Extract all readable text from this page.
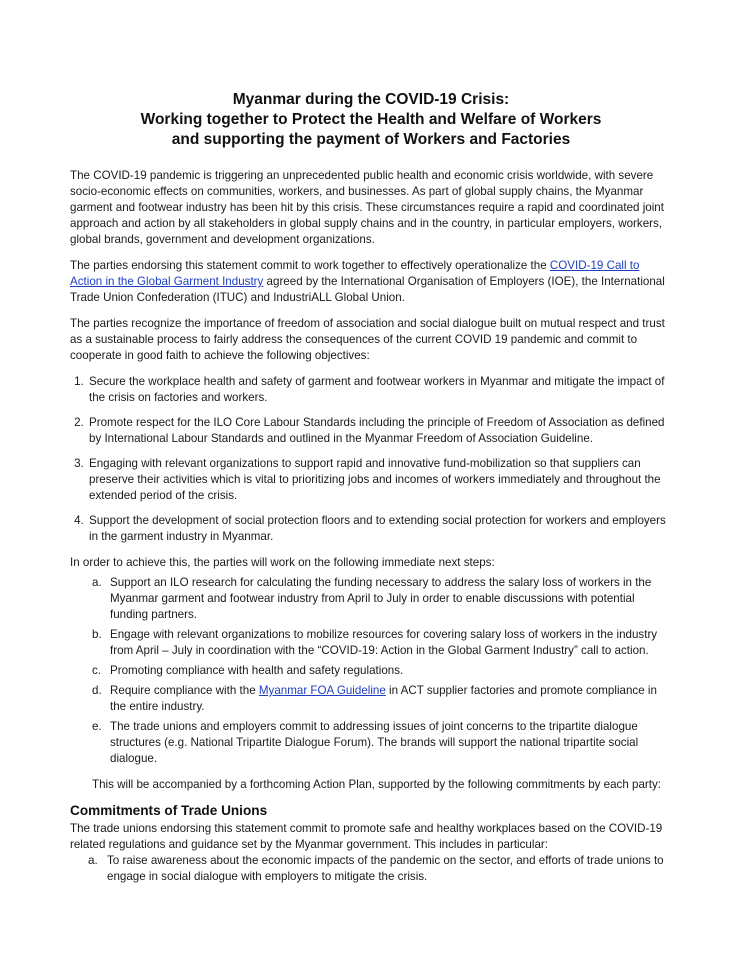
Myanmar during the COVID-19 Crisis:
Working together to Protect the Health and Welfare of Workers
and supporting the payment of Workers and Factories

The COVID-19 pandemic is triggering an unprecedented public health and economic crisis worldwide, with severe socio-economic effects on communities, workers, and businesses. As part of global supply chains, the Myanmar garment and footwear industry has been hit by this crisis. These circumstances require a rapid and coordinated joint approach and action by all stakeholders in global supply chains and in the country, in particular employers, workers, global brands, government and development organizations.

The parties endorsing this statement commit to work together to effectively operationalize the COVID-19 Call to Action in the Global Garment Industry agreed by the International Organisation of Employers (IOE), the International Trade Union Confederation (ITUC) and IndustriALL Global Union.

The parties recognize the importance of freedom of association and social dialogue built on mutual respect and trust as a sustainable process to fairly address the consequences of the current COVID 19 pandemic and commit to cooperate in good faith to achieve the following objectives:

1. Secure the workplace health and safety of garment and footwear workers in Myanmar and mitigate the impact of the crisis on factories and workers.
2. Promote respect for the ILO Core Labour Standards including the principle of Freedom of Association as defined by International Labour Standards and outlined in the Myanmar Freedom of Association Guideline.
3. Engaging with relevant organizations to support rapid and innovative fund-mobilization so that suppliers can preserve their activities which is vital to prioritizing jobs and incomes of workers immediately and throughout the extended period of the crisis.
4. Support the development of social protection floors and to extending social protection for workers and employers in the garment industry in Myanmar.

In order to achieve this, the parties will work on the following immediate next steps:

a. Support an ILO research for calculating the funding necessary to address the salary loss of workers in the Myanmar garment and footwear industry from April to July in order to enable discussions with potential funding partners.
b. Engage with relevant organizations to mobilize resources for covering salary loss of workers in the industry from April – July in coordination with the “COVID-19: Action in the Global Garment Industry” call to action.
c. Promoting compliance with health and safety regulations.
d. Require compliance with the Myanmar FOA Guideline in ACT supplier factories and promote compliance in the entire industry.
e. The trade unions and employers commit to addressing issues of joint concerns to the tripartite dialogue structures (e.g. National Tripartite Dialogue Forum). The brands will support the national tripartite social dialogue.

This will be accompanied by a forthcoming Action Plan, supported by the following commitments by each party:

Commitments of Trade Unions

The trade unions endorsing this statement commit to promote safe and healthy workplaces based on the COVID-19 related regulations and guidance set by the Myanmar government. This includes in particular:

a. To raise awareness about the economic impacts of the pandemic on the sector, and efforts of trade unions to engage in social dialogue with employers to mitigate the crisis.
